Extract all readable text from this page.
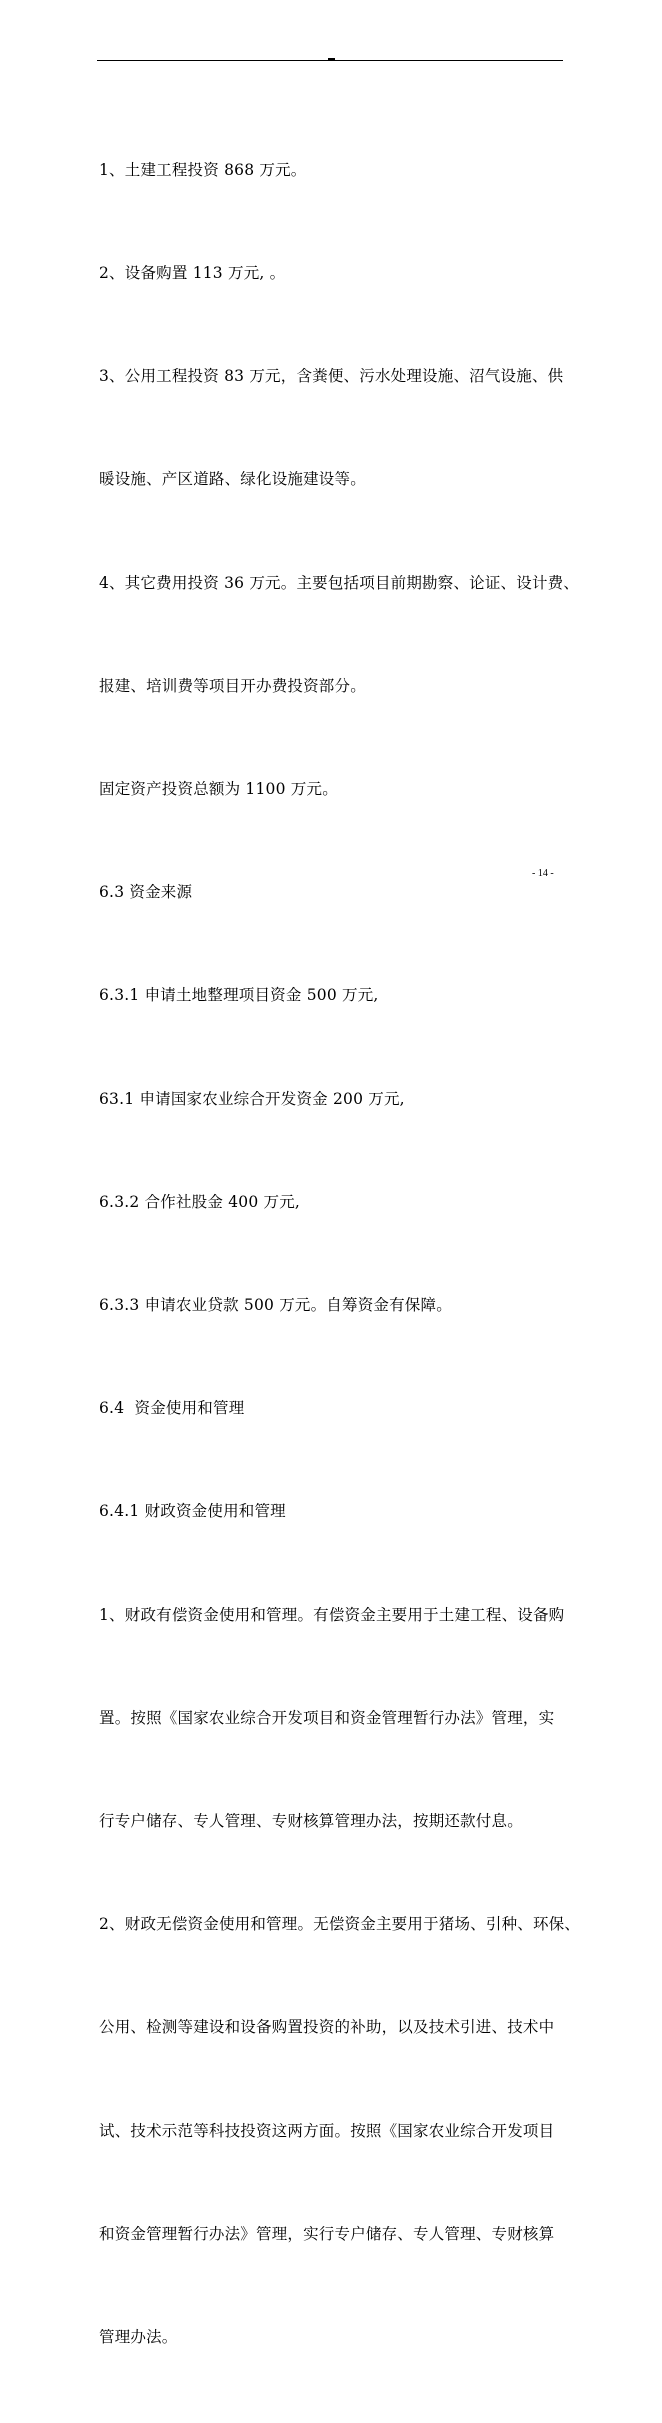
1、土建工程投资 868 万元。

2、设备购置 113 万元, 。

3、公用工程投资 83 万元，含粪便、污水处理设施、沼气设施、供

暖设施、产区道路、绿化设施建设等。

4、其它费用投资 36 万元。主要包括项目前期勘察、论证、设计费、

报建、培训费等项目开办费投资部分。

固定资产投资总额为 1100 万元。

6.3 资金来源

6.3.1 申请土地整理项目资金 500 万元,

63.1 申请国家农业综合开发资金 200 万元,

6.3.2 合作社股金 400 万元,

6.3.3 申请农业贷款 500 万元。自筹资金有保障。

6.4  资金使用和管理

6.4.1 财政资金使用和管理

1、财政有偿资金使用和管理。有偿资金主要用于土建工程、设备购

置。按照《国家农业综合开发项目和资金管理暂行办法》管理，实

行专户储存、专人管理、专财核算管理办法，按期还款付息。

2、财政无偿资金使用和管理。无偿资金主要用于猪场、引种、环保、

公用、检测等建设和设备购置投资的补助，以及技术引进、技术中

试、技术示范等科技投资这两方面。按照《国家农业综合开发项目

和资金管理暂行办法》管理，实行专户储存、专人管理、专财核算

管理办法。

- 14 -
